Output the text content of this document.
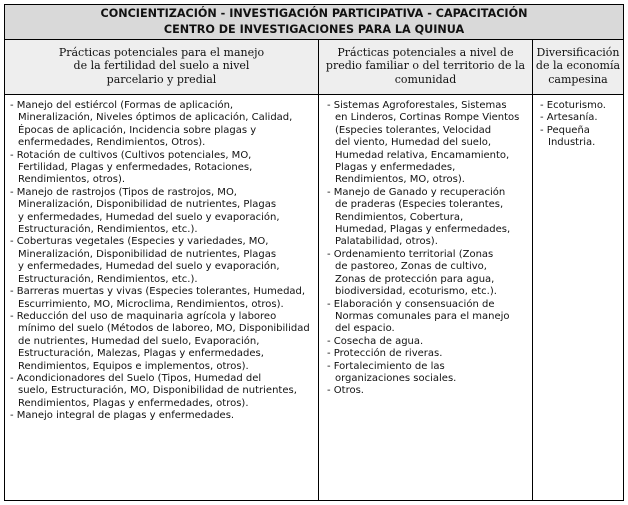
CONCIENTIZACIÓN - INVESTIGACIÓN PARTICIPATIVA - CAPACITACIÓN
CENTRO DE INVESTIGACIONES PARA LA QUINUA
Prácticas potenciales para el manejo
de la fertilidad del suelo a nivel
parcelario y predial
- Manejo del estiércol (Formas de aplicación,
Mineralización, Niveles óptimos de aplicación, Calidad,
Épocas de aplicación, Incidencia sobre plagas y
enfermedades, Rendimientos, Otros).
- Rotación de cultivos (Cultivos potenciales, MO,
Fertilidad, Plagas y enfermedades, Rotaciones,
Rendimientos, otros).
- Manejo de rastrojos (Tipos de rastrojos, MO,
Mineralización, Disponibilidad de nutrientes, Plagas
y enfermedades, Humedad del suelo y evaporación,
Estructuración, Rendimientos, etc.).
- Coberturas vegetales (Especies y variedades, MO,
Mineralización, Disponibilidad de nutrientes, Plagas
y enfermedades, Humedad del suelo y evaporación,
Estructuración, Rendimientos, etc.).
- Barreras muertas y vivas (Especies tolerantes, Humedad,
Escurrimiento, MO, Microclima, Rendimientos, otros).
- Reducción del uso de maquinaria agrícola y laboreo
mínimo del suelo (Métodos de laboreo, MO, Disponibilidad
de nutrientes, Humedad del suelo, Evaporación,
Estructuración, Malezas, Plagas y enfermedades,
Rendimientos, Equipos e implementos, otros).
- Acondicionadores del Suelo (Tipos, Humedad del
suelo, Estructuración, MO, Disponibilidad de nutrientes,
Rendimientos, Plagas y enfermedades, otros).
- Manejo integral de plagas y enfermedades.
Prácticas potenciales a nivel de
predio familiar o del territorio de la
comunidad
- Sistemas Agroforestales, Sistemas
en Linderos, Cortinas Rompe Vientos
(Especies tolerantes, Velocidad
del viento, Humedad del suelo,
Humedad relativa, Encamamiento,
Plagas y enfermedades,
Rendimientos, MO, otros).
- Manejo de Ganado y recuperación
de praderas (Especies tolerantes,
Rendimientos, Cobertura,
Humedad, Plagas y enfermedades,
Palatabilidad, otros).
- Ordenamiento territorial (Zonas
de pastoreo, Zonas de cultivo,
Zonas de protección para agua,
biodiversidad, ecoturismo, etc.).
- Elaboración y consensuación de
Normas comunales para el manejo
del espacio.
- Cosecha de agua.
- Protección de riveras.
- Fortalecimiento de las
organizaciones sociales.
- Otros.
Diversificación
de la economía
campesina
- Ecoturismo.
- Artesanía.
- Pequeña
Industria.
